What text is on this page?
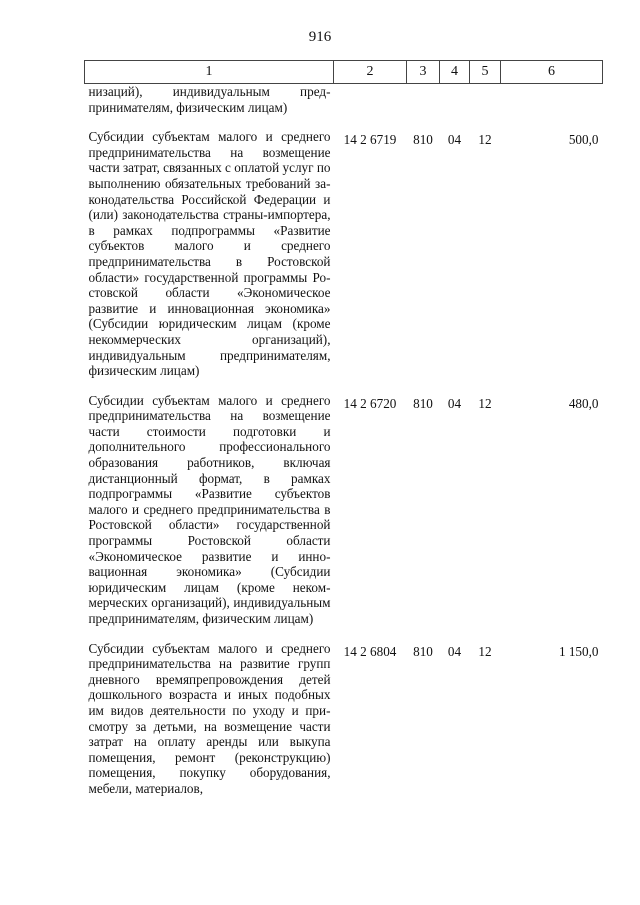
916
1	2	3	4	5	6
низаций), индивидуальным предпринимателям, физическим лицам)					

Субсидии субъектам малого и среднего предпринимательства на возмещение части затрат, связанных с оплатой услуг по выполнению обязательных требований законодательства Российской Федерации и (или) законодательства страны-импортера, в рамках подпрограммы «Развитие субъектов малого и среднего предпринимательства в Ростовской области» государственной программы Ростовской области «Экономическое развитие и инновационная экономика» (Субсидии юридическим лицам (кроме некоммерческих организаций), индивидуальным предпринимателям, физическим лицам)	14 2 6719	810	04	12	500,0

Субсидии субъектам малого и среднего предпринимательства на возмещение части стоимости подготовки и дополнительного профессионального образования работников, включая дистанционный формат, в рамках подпрограммы «Развитие субъектов малого и среднего предпринимательства в Ростовской области» государственной программы Ростовской области «Экономическое развитие и инновационная экономика» (Субсидии юридическим лицам (кроме некоммерческих организаций), индивидуальным предпринимателям, физическим лицам)	14 2 6720	810	04	12	480,0

Субсидии субъектам малого и среднего предпринимательства на развитие групп дневного времяпрепровождения детей дошкольного возраста и иных подобных им видов деятельности по уходу и присмотру за детьми, на возмещение части затрат на оплату аренды или выкупа помещения, ремонт (реконструкцию) помещения, покупку оборудования, мебели, материалов,	14 2 6804	810	04	12	1 150,0
